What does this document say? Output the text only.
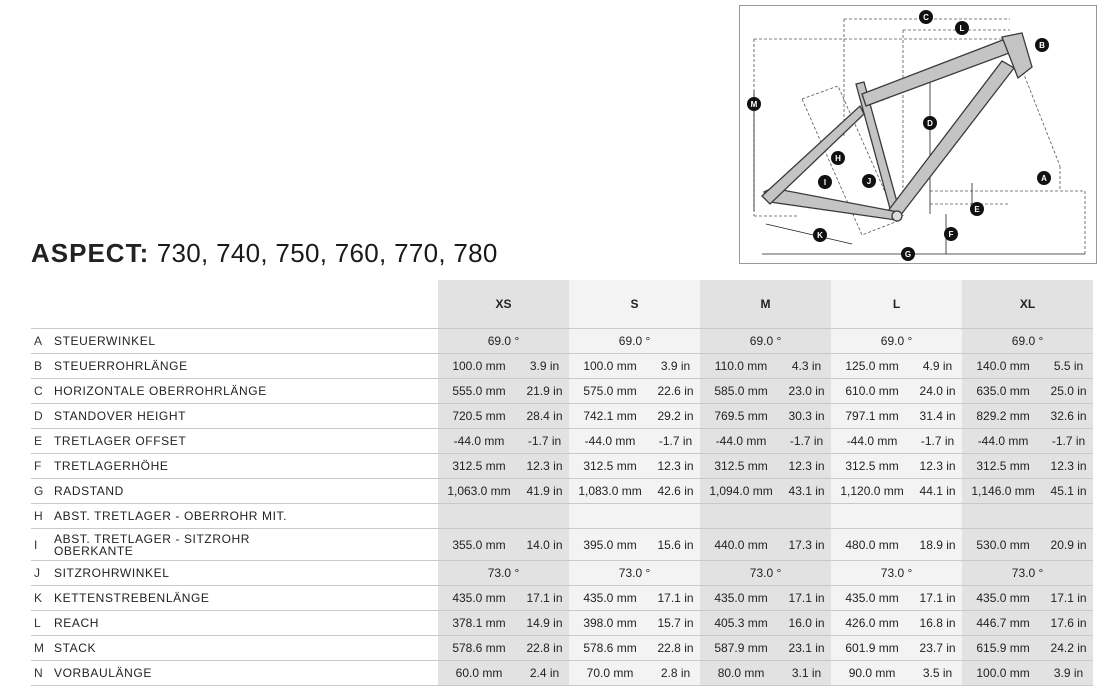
ASPECT: 730, 740, 750, 760, 770, 780
C
L
B
M
D
H
I	J	A
E
F
K
G
		XS		S		M		L		XL	
A	STEUERWINKEL	69.0 °		69.0 °		69.0 °		69.0 °		69.0 °	
B	STEUERROHRLÄNGE	100.0 mm	3.9 in	100.0 mm	3.9 in	110.0 mm	4.3 in	125.0 mm	4.9 in	140.0 mm	5.5 in
C	HORIZONTALE OBERROHRLÄNGE	555.0 mm	21.9 in	575.0 mm	22.6 in	585.0 mm	23.0 in	610.0 mm	24.0 in	635.0 mm	25.0 in
D	STANDOVER HEIGHT	720.5 mm	28.4 in	742.1 mm	29.2 in	769.5 mm	30.3 in	797.1 mm	31.4 in	829.2 mm	32.6 in
E	TRETLAGER OFFSET	-44.0 mm	-1.7 in	-44.0 mm	-1.7 in	-44.0 mm	-1.7 in	-44.0 mm	-1.7 in	-44.0 mm	-1.7 in
F	TRETLAGERHÖHE	312.5 mm	12.3 in	312.5 mm	12.3 in	312.5 mm	12.3 in	312.5 mm	12.3 in	312.5 mm	12.3 in
G	RADSTAND	1,063.0 mm	41.9 in	1,083.0 mm	42.6 in	1,094.0 mm	43.1 in	1,120.0 mm	44.1 in	1,146.0 mm	45.1 in
H	ABST. TRETLAGER - OBERROHR MIT.										
I	ABST. TRETLAGER - SITZROHR OBERKANTE	355.0 mm	14.0 in	395.0 mm	15.6 in	440.0 mm	17.3 in	480.0 mm	18.9 in	530.0 mm	20.9 in
J	SITZROHRWINKEL	73.0 °		73.0 °		73.0 °		73.0 °		73.0 °	
K	KETTENSTREBENLÄNGE	435.0 mm	17.1 in	435.0 mm	17.1 in	435.0 mm	17.1 in	435.0 mm	17.1 in	435.0 mm	17.1 in
L	REACH	378.1 mm	14.9 in	398.0 mm	15.7 in	405.3 mm	16.0 in	426.0 mm	16.8 in	446.7 mm	17.6 in
M	STACK	578.6 mm	22.8 in	578.6 mm	22.8 in	587.9 mm	23.1 in	601.9 mm	23.7 in	615.9 mm	24.2 in
N	VORBAULÄNGE	60.0 mm	2.4 in	70.0 mm	2.8 in	80.0 mm	3.1 in	90.0 mm	3.5 in	100.0 mm	3.9 in
